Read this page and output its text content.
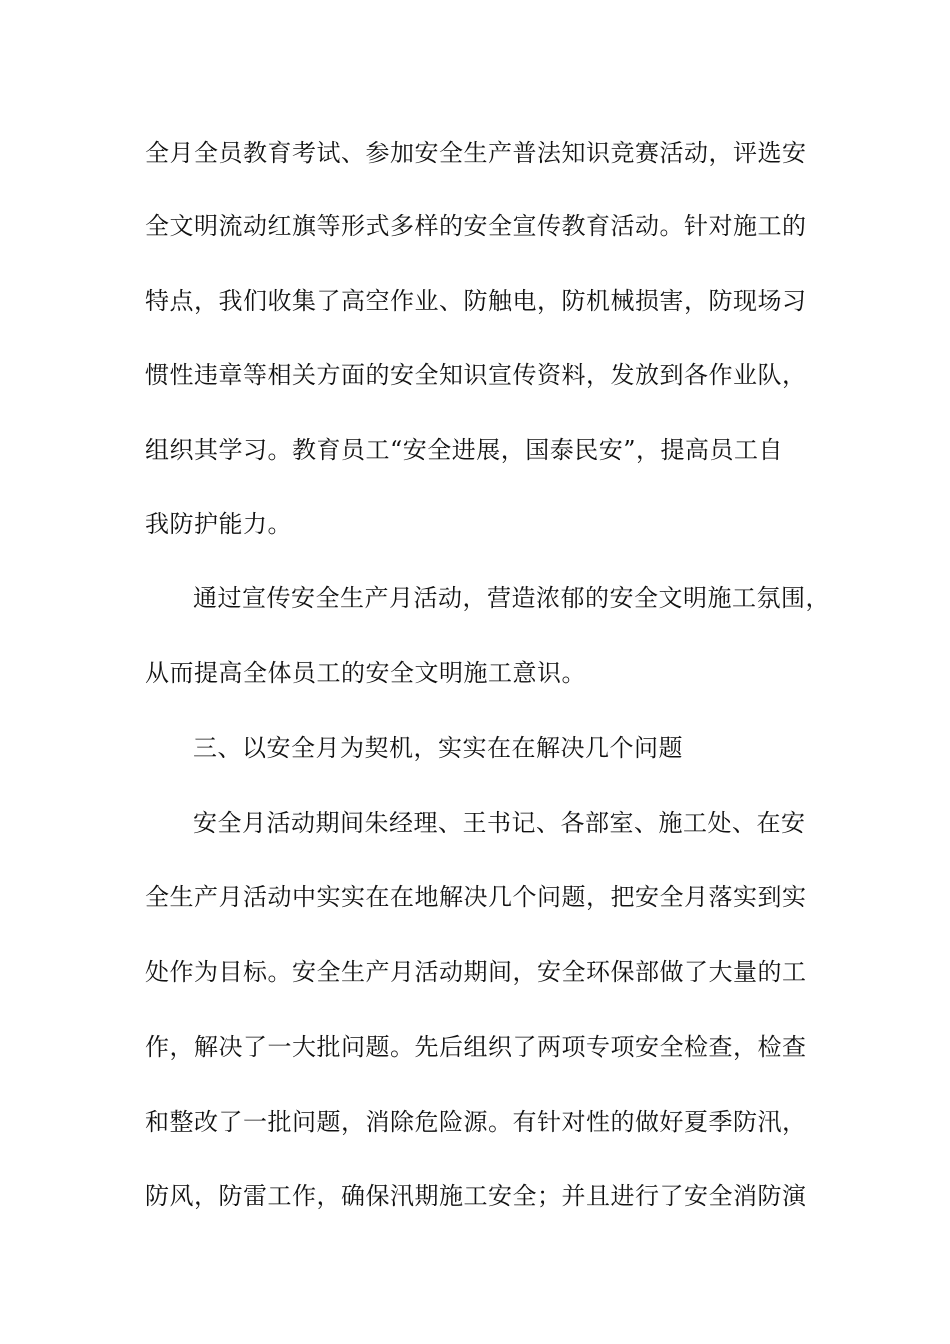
全月全员教育考试、参加安全生产普法知识竞赛活动，评选安
全文明流动红旗等形式多样的安全宣传教育活动。针对施工的
特点，我们收集了高空作业、防触电，防机械损害，防现场习
惯性违章等相关方面的安全知识宣传资料，发放到各作业队，
组织其学习。教育员工“安全进展，国泰民安”，提高员工自
我防护能力。
通过宣传安全生产月活动，营造浓郁的安全文明施工氛围，
从而提高全体员工的安全文明施工意识。
三、以安全月为契机，实实在在解决几个问题
安全月活动期间朱经理、王书记、各部室、施工处、在安
全生产月活动中实实在在地解决几个问题，把安全月落实到实
处作为目标。安全生产月活动期间，安全环保部做了大量的工
作，解决了一大批问题。先后组织了两项专项安全检查，检查
和整改了一批问题，消除危险源。有针对性的做好夏季防汛，
防风，防雷工作，确保汛期施工安全；并且进行了安全消防演
